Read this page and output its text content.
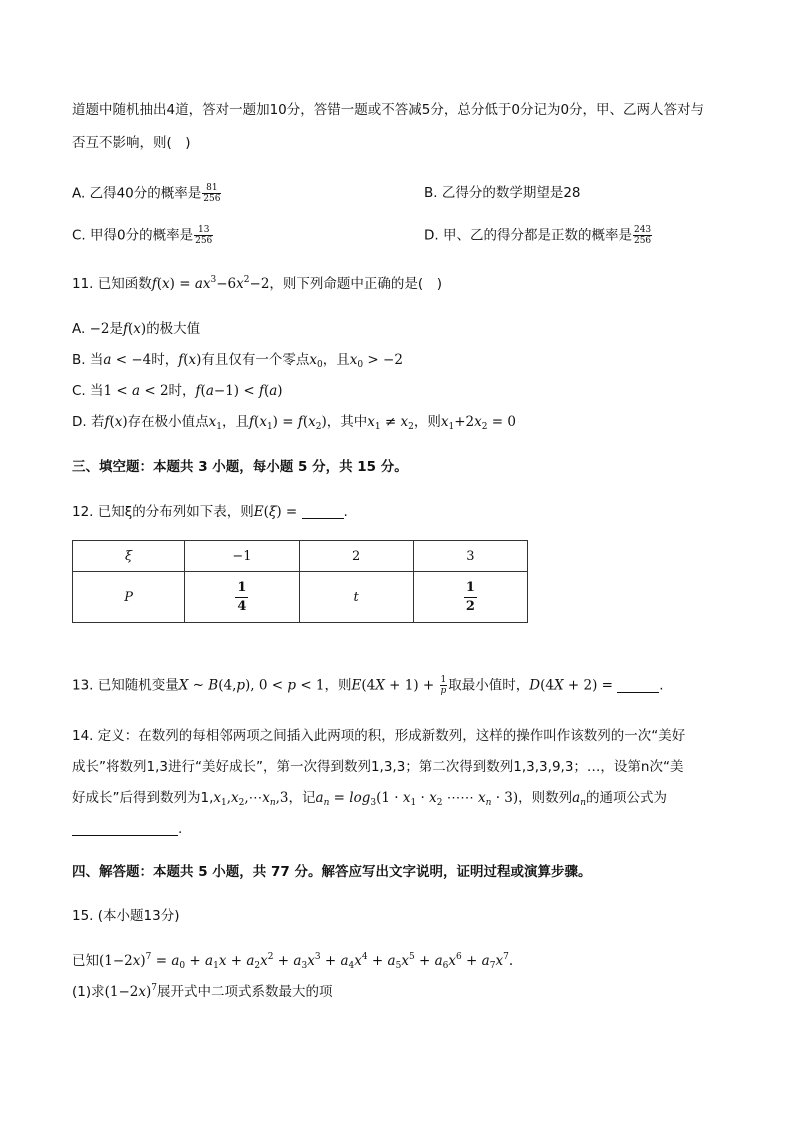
道题中随机抽出4道，答对一题加10分，答错一题或不答减5分，总分低于0分记为0分，甲、乙两人答对与
否互不影响，则(　)
A. 乙得40分的概率是 $\frac{81}{256}$	B. 乙得分的数学期望是28
C. 甲得0分的概率是 $\frac{13}{256}$	D. 甲、乙的得分都是正数的概率是 $\frac{243}{256}$
11. 已知函数$f(x) = ax^3-6x^2-2$，则下列命题中正确的是(　)
A. −2是f(x)的极大值
B. 当a < −4时，f(x)有且仅有一个零点$x_0$，且$x_0 > -2$
C. 当1 < a < 2时，f(a−1) < f(a)
D. 若f(x)存在极小值点$x_1$，且$f(x_1) = f(x_2)$，其中$x_1 \ne x_2$，则$x_1+2x_2 = 0$
三、填空题：本题共 3 小题，每小题 5 分，共 15 分。
12. 已知ξ的分布列如下表，则E(ξ) =	.
ξ	−1	2	3
P	$\frac{1}{4}$	t	$\frac{1}{2}$
13. 已知随机变量X ~ B(4,p), 0 < p < 1，则$E(4X + 1) + \frac{1}{p}$ 取最小值时，D(4X + 2) =	.
14. 定义：在数列的每相邻两项之间插入此两项的积，形成新数列，这样的操作叫作该数列的一次“美好
成长”将数列1,3进行“美好成长”，第一次得到数列1,3,3；第二次得到数列1,3,3,9,3；…，设第n次“美
好成长”后得到数列为$1,x_1,x_2,\cdots x_n,3$，记$a_n = \log_3(1 \cdot x_1 \cdot x_2$ ⋯⋯ $x_n \cdot 3$)，则数列$a_n$的通项公式为
.
四、解答题：本题共 5 小题，共 77 分。解答应写出文字说明，证明过程或演算步骤。
15. (本小题13分)
已知$(1-2x)^7 = a_0 + a_1x + a_2x^2 + a_3x^3 + a_4x^4 + a_5x^5 + a_6x^6 + a_7x^7$.
(1)求$(1-2x)^7$展开式中二项式系数最大的项
